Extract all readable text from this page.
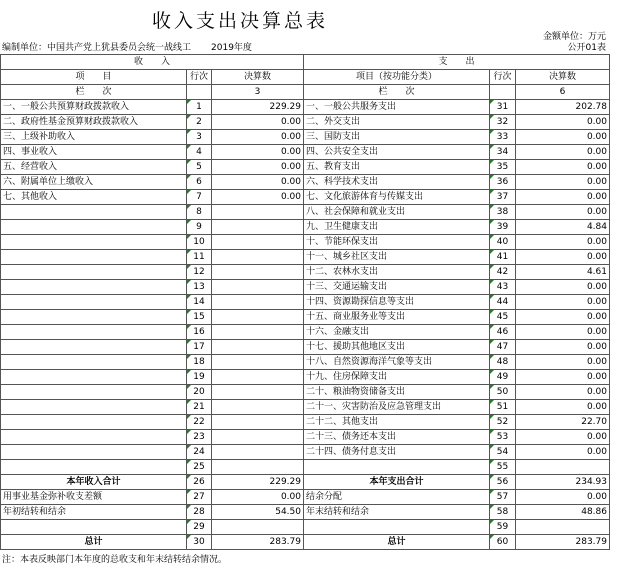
收入支出决算总表
金额单位：万元
公开01表
编制单位：中国共产党上犹县委员会统一战线工 2019年度
收　　入			支　　出		
项　　目	行次	决算数	项目（按功能分类）	行次	决算数
栏　　次		3	栏　　次		6
一、一般公共预算财政拨款收入	1	229.29	一、一般公共服务支出	31	202.78
二、政府性基金预算财政拨款收入	2	0.00	二、外交支出	32	0.00
三、上级补助收入	3	0.00	三、国防支出	33	0.00
四、事业收入	4	0.00	四、公共安全支出	34	0.00
五、经营收入	5	0.00	五、教育支出	35	0.00
六、附属单位上缴收入	6	0.00	六、科学技术支出	36	0.00
七、其他收入	7	0.00	七、文化旅游体育与传媒支出	37	0.00
	8		八、社会保障和就业支出	38	0.00
	9		九、卫生健康支出	39	4.84
	10		十、节能环保支出	40	0.00
	11		十一、城乡社区支出	41	0.00
	12		十二、农林水支出	42	4.61
	13		十三、交通运输支出	43	0.00
	14		十四、资源勘探信息等支出	44	0.00
	15		十五、商业服务业等支出	45	0.00
	16		十六、金融支出	46	0.00
	17		十七、援助其他地区支出	47	0.00
	18		十八、自然资源海洋气象等支出	48	0.00
	19		十九、住房保障支出	49	0.00
	20		二十、粮油物资储备支出	50	0.00
	21		二十一、灾害防治及应急管理支出	51	0.00
	22		二十二、其他支出	52	22.70
	23		二十三、债务还本支出	53	0.00
	24		二十四、债务付息支出	54	0.00
	25			55	
本年收入合计	26	229.29	本年支出合计	56	234.93
用事业基金弥补收支差额	27	0.00	结余分配	57	0.00
年初结转和结余	28	54.50	年末结转和结余	58	48.86
	29			59	
总计	30	283.79	总计	60	283.79
注：本表反映部门本年度的总收支和年末结转结余情况。
